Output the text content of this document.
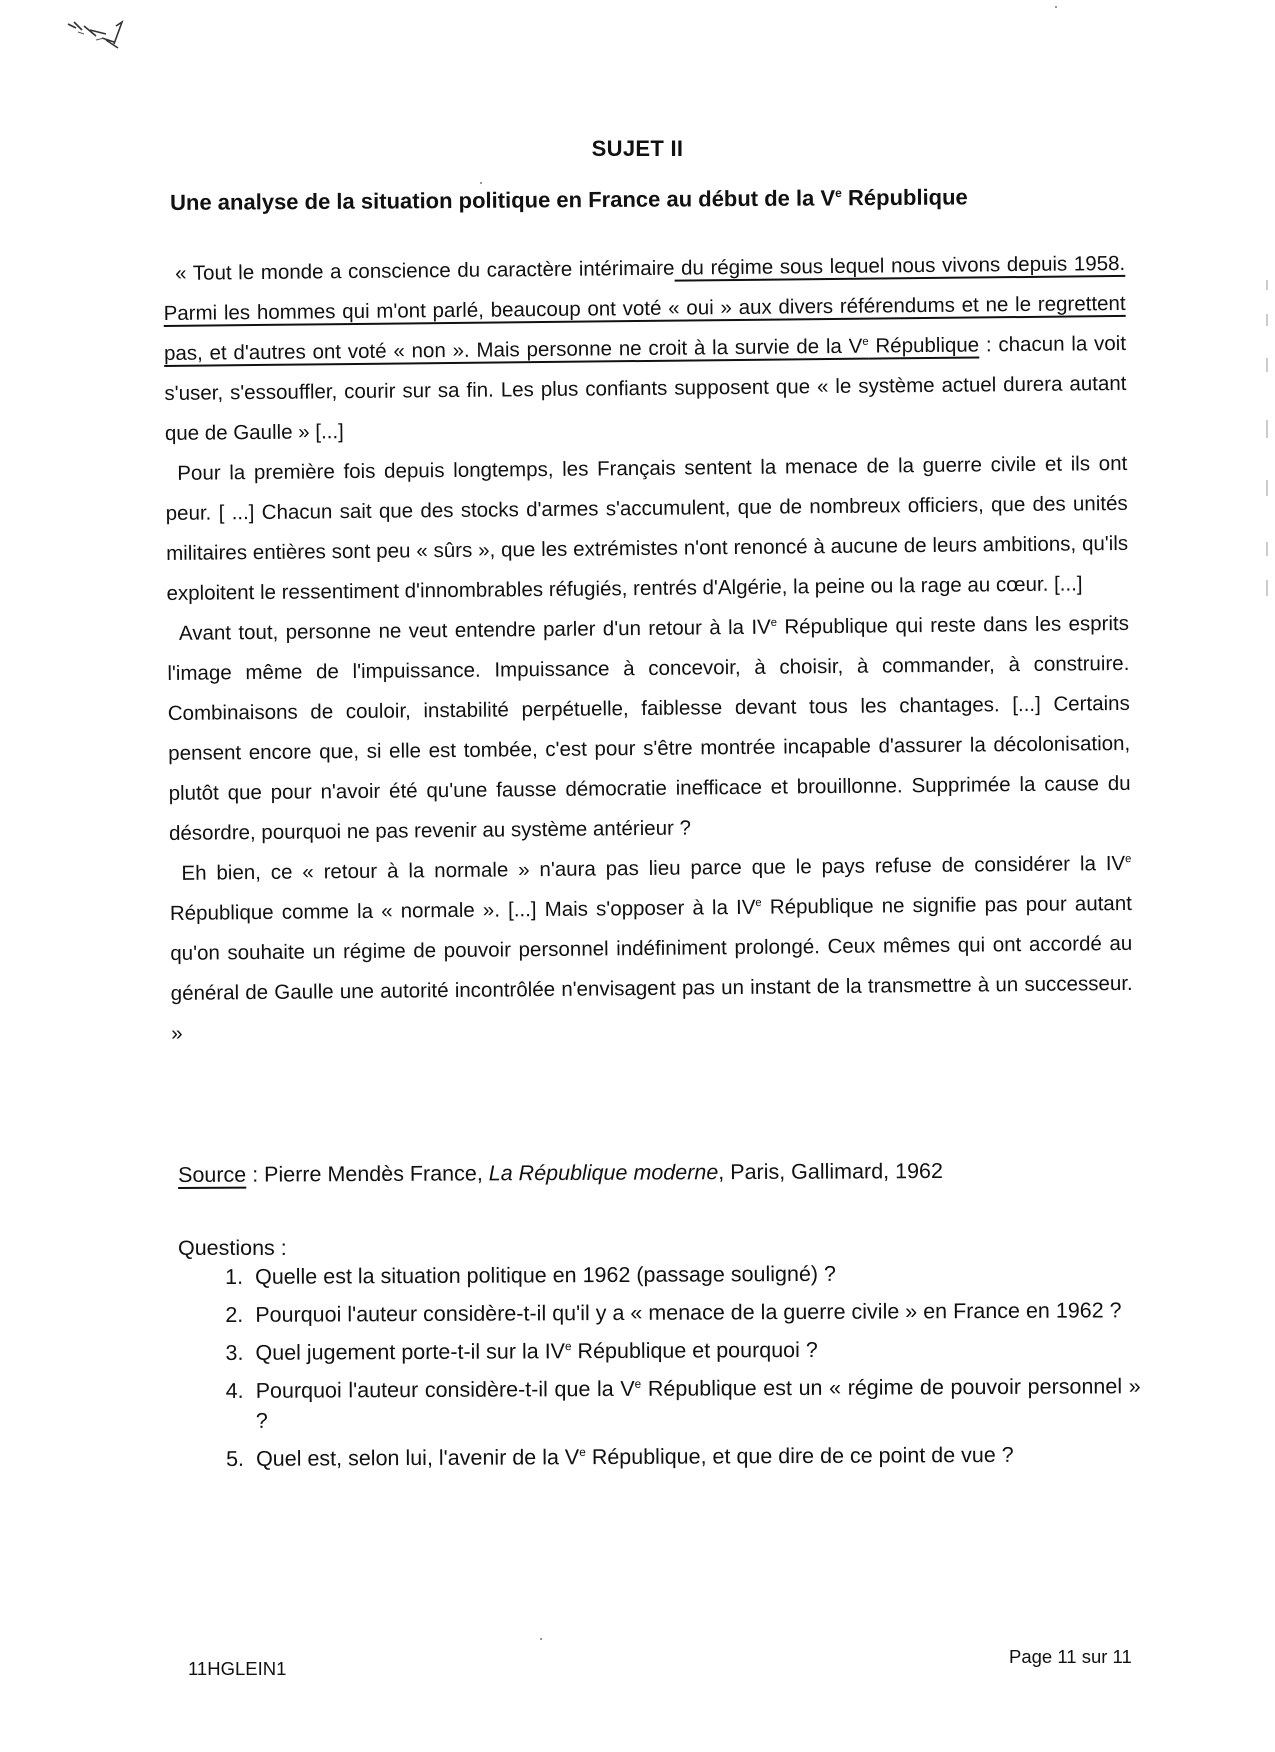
SUJET II
Une analyse de la situation politique en France au début de la Ve République

« Tout le monde a conscience du caractère intérimaire du régime sous lequel nous vivons depuis 1958. Parmi les hommes qui m'ont parlé, beaucoup ont voté « oui » aux divers référendums et ne le regrettent pas, et d'autres ont voté « non ». Mais personne ne croit à la survie de la Ve République : chacun la voit s'user, s'essouffler, courir sur sa fin. Les plus confiants supposent que « le système actuel durera autant que de Gaulle » [...]

Pour la première fois depuis longtemps, les Français sentent la menace de la guerre civile et ils ont peur. [ ...] Chacun sait que des stocks d'armes s'accumulent, que de nombreux officiers, que des unités militaires entières sont peu « sûrs », que les extrémistes n'ont renoncé à aucune de leurs ambitions, qu'ils exploitent le ressentiment d'innombrables réfugiés, rentrés d'Algérie, la peine ou la rage au cœur. [...]

Avant tout, personne ne veut entendre parler d'un retour à la IVe République qui reste dans les esprits l'image même de l'impuissance. Impuissance à concevoir, à choisir, à commander, à construire. Combinaisons de couloir, instabilité perpétuelle, faiblesse devant tous les chantages. [...] Certains pensent encore que, si elle est tombée, c'est pour s'être montrée incapable d'assurer la décolonisation, plutôt que pour n'avoir été qu'une fausse démocratie inefficace et brouillonne. Supprimée la cause du désordre, pourquoi ne pas revenir au système antérieur ?

Eh bien, ce « retour à la normale » n'aura pas lieu parce que le pays refuse de considérer la IVe République comme la « normale ». [...] Mais s'opposer à la IVe République ne signifie pas pour autant qu'on souhaite un régime de pouvoir personnel indéfiniment prolongé. Ceux mêmes qui ont accordé au général de Gaulle une autorité incontrôlée n'envisagent pas un instant de la transmettre à un successeur. »

Source : Pierre Mendès France, La République moderne, Paris, Gallimard, 1962
Questions :
1. Quelle est la situation politique en 1962 (passage souligné) ?
2. Pourquoi l'auteur considère-t-il qu'il y a « menace de la guerre civile » en France en 1962 ?
3. Quel jugement porte-t-il sur la IVe République et pourquoi ?
4. Pourquoi l'auteur considère-t-il que la Ve République est un « régime de pouvoir personnel » ?
5. Quel est, selon lui, l'avenir de la Ve République, et que dire de ce point de vue ?
11HGLEIN1
Page 11 sur 11
